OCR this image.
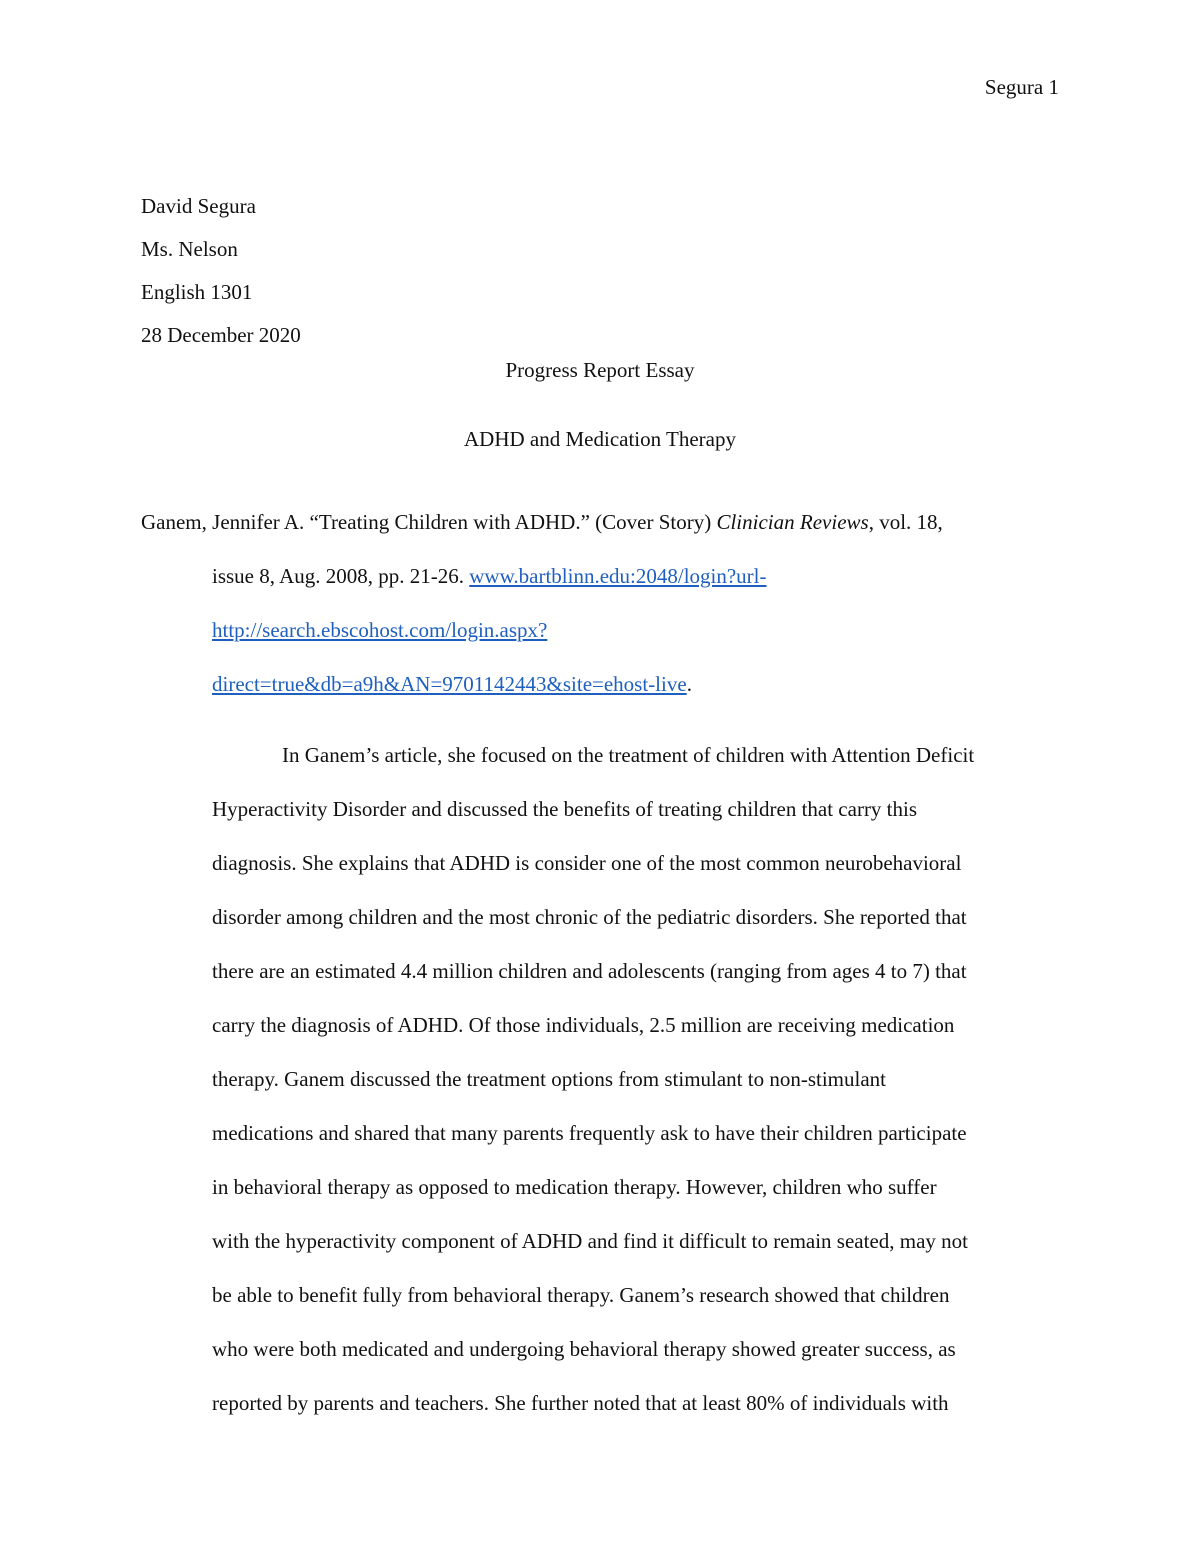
Segura 1
David Segura
Ms. Nelson
English 1301
28 December 2020
Progress Report Essay
ADHD and Medication Therapy
Ganem, Jennifer A. “Treating Children with ADHD.” (Cover Story) Clinician Reviews, vol. 18,
issue 8, Aug. 2008, pp. 21-26. www.bartblinn.edu:2048/login?url-
http://search.ebscohost.com/login.aspx?
direct=true&db=a9h&AN=9701142443&site=ehost-live.
In Ganem’s article, she focused on the treatment of children with Attention Deficit
Hyperactivity Disorder and discussed the benefits of treating children that carry this
diagnosis. She explains that ADHD is consider one of the most common neurobehavioral
disorder among children and the most chronic of the pediatric disorders. She reported that
there are an estimated 4.4 million children and adolescents (ranging from ages 4 to 7) that
carry the diagnosis of ADHD. Of those individuals, 2.5 million are receiving medication
therapy. Ganem discussed the treatment options from stimulant to non-stimulant
medications and shared that many parents frequently ask to have their children participate
in behavioral therapy as opposed to medication therapy. However, children who suffer
with the hyperactivity component of ADHD and find it difficult to remain seated, may not
be able to benefit fully from behavioral therapy. Ganem’s research showed that children
who were both medicated and undergoing behavioral therapy showed greater success, as
reported by parents and teachers. She further noted that at least 80% of individuals with
